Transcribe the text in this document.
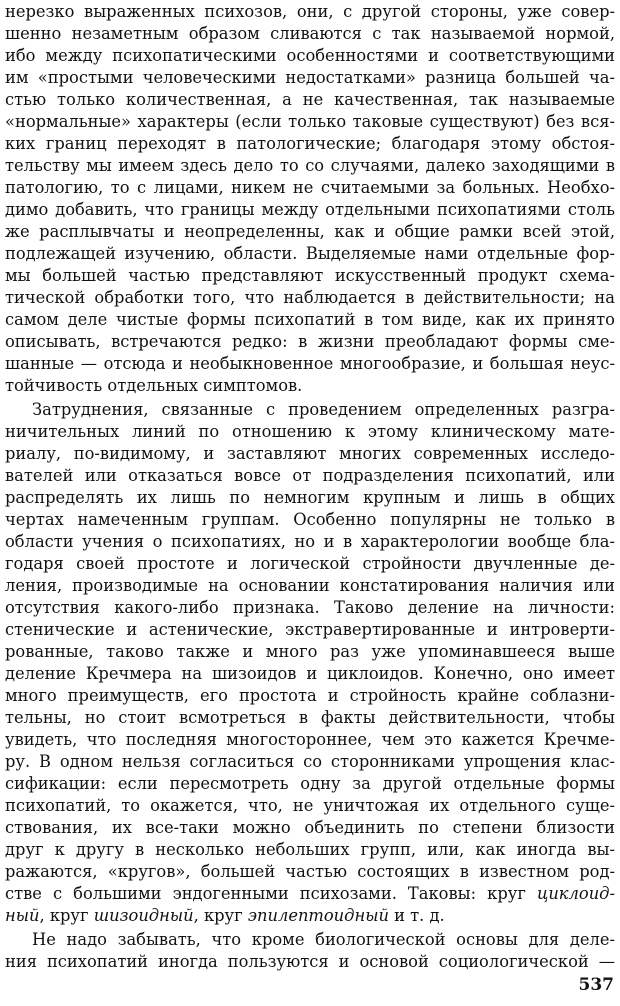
нерезко выраженных психозов, они, с другой стороны, уже совер-
шенно незаметным образом сливаются с так называемой нормой,
ибо между психопатическими особенностями и соответствующими
им «простыми человеческими недостатками» разница большей ча-
стью только количественная, а не качественная, так называемые
«нормальные» характеры (если только таковые существуют) без вся-
ких границ переходят в патологические; благодаря этому обстоя-
тельству мы имеем здесь дело то со случаями, далеко заходящими в
патологию, то с лицами, никем не считаемыми за больных. Необхо-
димо добавить, что границы между отдельными психопатиями столь
же расплывчаты и неопределенны, как и общие рамки всей этой,
подлежащей изучению, области. Выделяемые нами отдельные фор-
мы большей частью представляют искусственный продукт схема-
тической обработки того, что наблюдается в действительности; на
самом деле чистые формы психопатий в том виде, как их принято
описывать, встречаются редко: в жизни преобладают формы сме-
шанные — отсюда и необыкновенное многообразие, и большая неус-
тойчивость отдельных симптомов.
Затруднения, связанные с проведением определенных разгра-
ничительных линий по отношению к этому клиническому мате-
риалу, по-видимому, и заставляют многих современных исследо-
вателей или отказаться вовсе от подразделения психопатий, или
распределять их лишь по немногим крупным и лишь в общих
чертах намеченным группам. Особенно популярны не только в
области учения о психопатиях, но и в характерологии вообще бла-
годаря своей простоте и логической стройности двучленные де-
ления, производимые на основании констатирования наличия или
отсутствия какого-либо признака. Таково деление на личности:
стенические и астенические, экстравертированные и интроверти-
рованные, таково также и много раз уже упоминавшееся выше
деление Кречмера на шизоидов и циклоидов. Конечно, оно имеет
много преимуществ, его простота и стройность крайне соблазни-
тельны, но стоит всмотреться в факты действительности, чтобы
увидеть, что последняя многостороннее, чем это кажется Кречме-
ру. В одном нельзя согласиться со сторонниками упрощения клас-
сификации: если пересмотреть одну за другой отдельные формы
психопатий, то окажется, что, не уничтожая их отдельного суще-
ствования, их все-таки можно объединить по степени близости
друг к другу в несколько небольших групп, или, как иногда вы-
ражаются, «кругов», большей частью состоящих в известном род-
стве с большими эндогенными психозами. Таковы: круг циклоид-
ный, круг шизоидный, круг эпилептоидный и т. д.
Не надо забывать, что кроме биологической основы для деле-
ния психопатий иногда пользуются и основой социологической —
537
